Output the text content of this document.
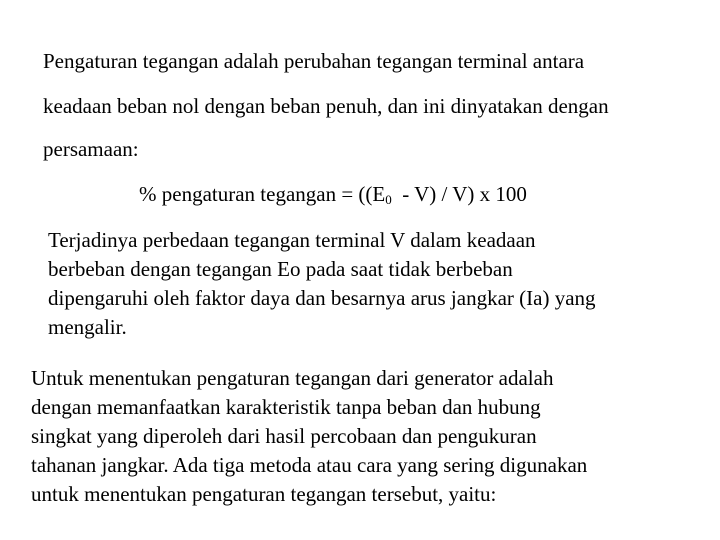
Pengaturan tegangan adalah perubahan tegangan terminal antara
keadaan beban nol dengan beban penuh, dan ini dinyatakan dengan
persamaan:
% pengaturan tegangan = $((E_0 - V) / V)$ x 100
Terjadinya perbedaan tegangan terminal V dalam keadaan
berbeban dengan tegangan Eo pada saat tidak berbeban
dipengaruhi oleh faktor daya dan besarnya arus jangkar (Ia) yang
mengalir.
Untuk menentukan pengaturan tegangan dari generator adalah
dengan memanfaatkan karakteristik tanpa beban dan hubung
singkat yang diperoleh dari hasil percobaan dan pengukuran
tahanan jangkar. Ada tiga metoda atau cara yang sering digunakan
untuk menentukan pengaturan tegangan tersebut, yaitu:
